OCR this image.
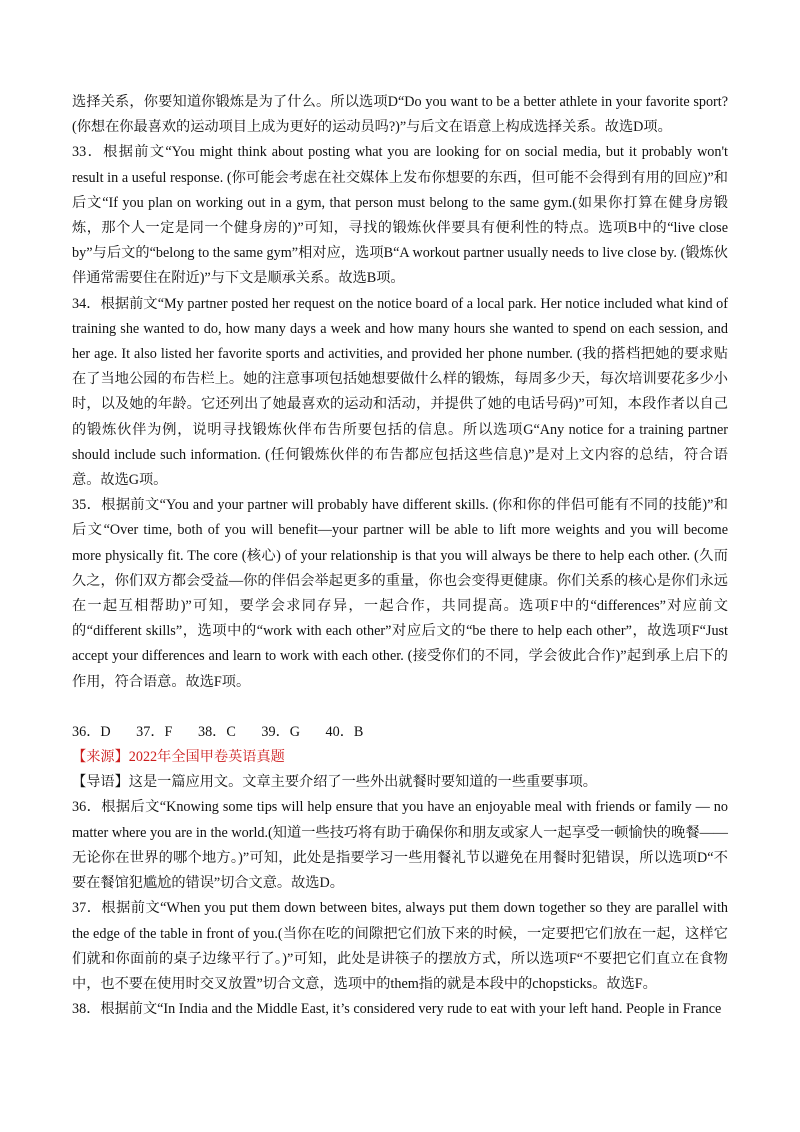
选择关系，你要知道你锻炼是为了什么。所以选项D“Do you want to be a better athlete in your favorite sport?(你想在你最喜欢的运动项目上成为更好的运动员吗?)”与后文在语意上构成选择关系。故选D项。

33．根据前文“You might think about posting what you are looking for on social media, but it probably won't result in a useful response. (你可能会考虑在社交媒体上发布你想要的东西，但可能不会得到有用的回应)”和后文“If you plan on working out in a gym, that person must belong to the same gym.(如果你打算在健身房锻炼，那个人一定是同一个健身房的)”可知，寻找的锻炼伙伴要具有便利性的特点。选项B中的“live close by”与后文的“belong to the same gym”相对应，选项B“A workout partner usually needs to live close by. (锻炼伙伴通常需要住在附近)”与下文是顺承关系。故选B项。

34．根据前文“My partner posted her request on the notice board of a local park. Her notice included what kind of training she wanted to do, how many days a week and how many hours she wanted to spend on each session, and her age. It also listed her favorite sports and activities, and provided her phone number. (我的搭档把她的要求贴在了当地公园的布告栏上。她的注意事项包括她想要做什么样的锻炼，每周多少天，每次培训要花多少小时，以及她的年龄。它还列出了她最喜欢的运动和活动，并提供了她的电话号码)”可知，本段作者以自己的锻炼伙伴为例，说明寻找锻炼伙伴布告所要包括的信息。所以选项G“Any notice for a training partner should include such information. (任何锻炼伙伴的布告都应包括这些信息)”是对上文内容的总结，符合语意。故选G项。

35．根据前文“You and your partner will probably have different skills. (你和你的伴侣可能有不同的技能)”和后文“Over time, both of you will benefit—your partner will be able to lift more weights and you will become more physically fit. The core (核心) of your relationship is that you will always be there to help each other. (久而久之，你们双方都会受益—你的伴侣会举起更多的重量，你也会变得更健康。你们关系的核心是你们永远在一起互相帮助)”可知，要学会求同存异，一起合作，共同提高。选项F中的“differences”对应前文的“different skills”，选项中的“work with each other”对应后文的“be there to help each other”，故选项F“Just accept your differences and learn to work with each other. (接受你们的不同，学会彼此合作)”起到承上启下的作用，符合语意。故选F项。

36．D 37．F 38．C 39．G 40．B

【来源】2022年全国甲卷英语真题

【导语】这是一篇应用文。文章主要介绍了一些外出就餐时要知道的一些重要事项。

36．根据后文“Knowing some tips will help ensure that you have an enjoyable meal with friends or family — no matter where you are in the world.(知道一些技巧将有助于确保你和朋友或家人一起享受一顿愉快的晚餐——无论你在世界的哪个地方。)”可知，此处是指要学习一些用餐礼节以避免在用餐时犯错误，所以选项D“不要在餐馆犯尴尬的错误”切合文意。故选D。

37．根据前文“When you put them down between bites, always put them down together so they are parallel with the edge of the table in front of you.(当你在吃的间隙把它们放下来的时候，一定要把它们放在一起，这样它们就和你面前的桌子边缘平行了。)”可知，此处是讲筷子的摆放方式，所以选项F“不要把它们直立在食物中，也不要在使用时交叉放置”切合文意，选项中的them指的就是本段中的chopsticks。故选F。

38．根据前文“In India and the Middle East, it’s considered very rude to eat with your left hand. People in France
